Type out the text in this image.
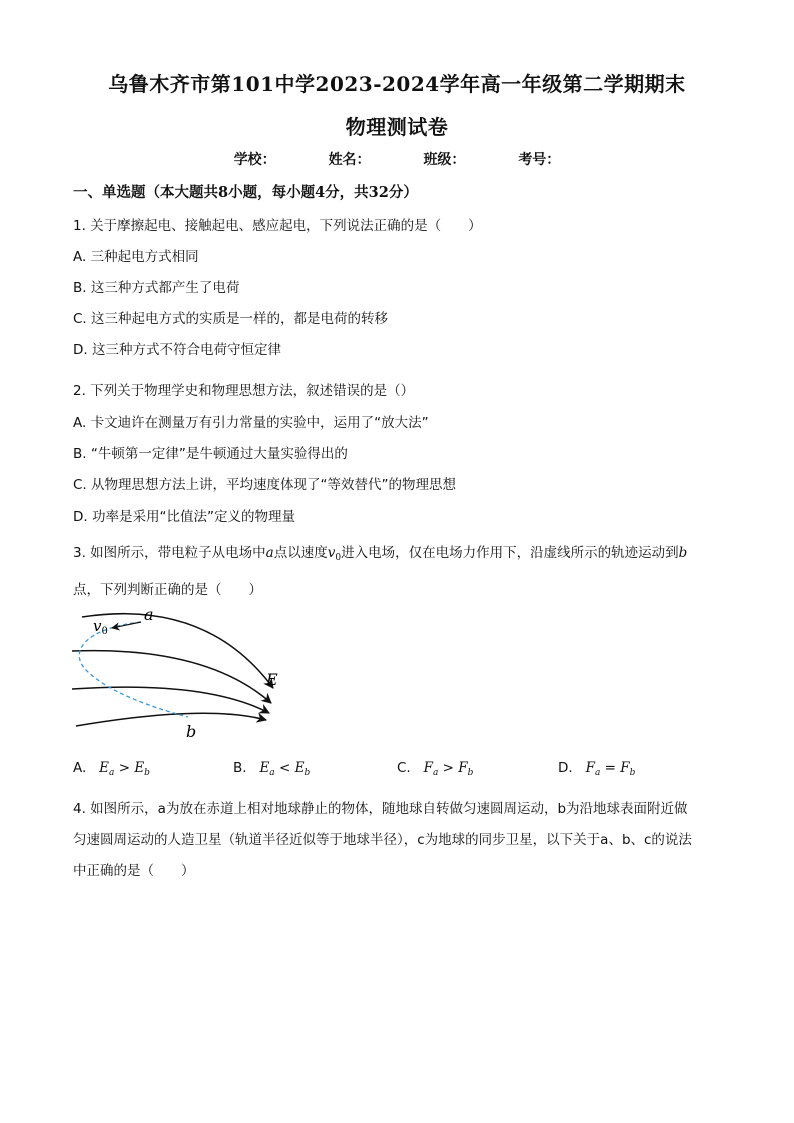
乌鲁木齐市第101中学2023-2024学年高一年级第二学期期末
物理测试卷
学校：	姓名：	班级：	考号：
一、单选题（本大题共8小题，每小题4分，共32分）
1. 关于摩擦起电、接触起电、感应起电，下列说法正确的是（　　）
A. 三种起电方式相同
B. 这三种方式都产生了电荷
C. 这三种起电方式的实质是一样的，都是电荷的转移
D. 这三种方式不符合电荷守恒定律
2. 下列关于物理学史和物理思想方法，叙述错误的是（）
A. 卡文迪许在测量万有引力常量的实验中，运用了“放大法”
B. “牛顿第一定律”是牛顿通过大量实验得出的
C. 从物理思想方法上讲，平均速度体现了“等效替代”的物理思想
D. 功率是采用“比值法”定义的物理量
3. 如图所示，带电粒子从电场中a点以速度$v_0$进入电场，仅在电场力作用下，沿虚线所示的轨迹运动到b
点，下列判断正确的是（　　）
a
$v_0$
E
b
A. $E_a > E_b$	B. $E_a < E_b$	C. $F_a > F_b$	D. $F_a = F_b$
4. 如图所示，a为放在赤道上相对地球静止的物体，随地球自转做匀速圆周运动，b为沿地球表面附近做
匀速圆周运动的人造卫星（轨道半径近似等于地球半径），c为地球的同步卫星，以下关于a、b、c的说法
中正确的是（　　）
